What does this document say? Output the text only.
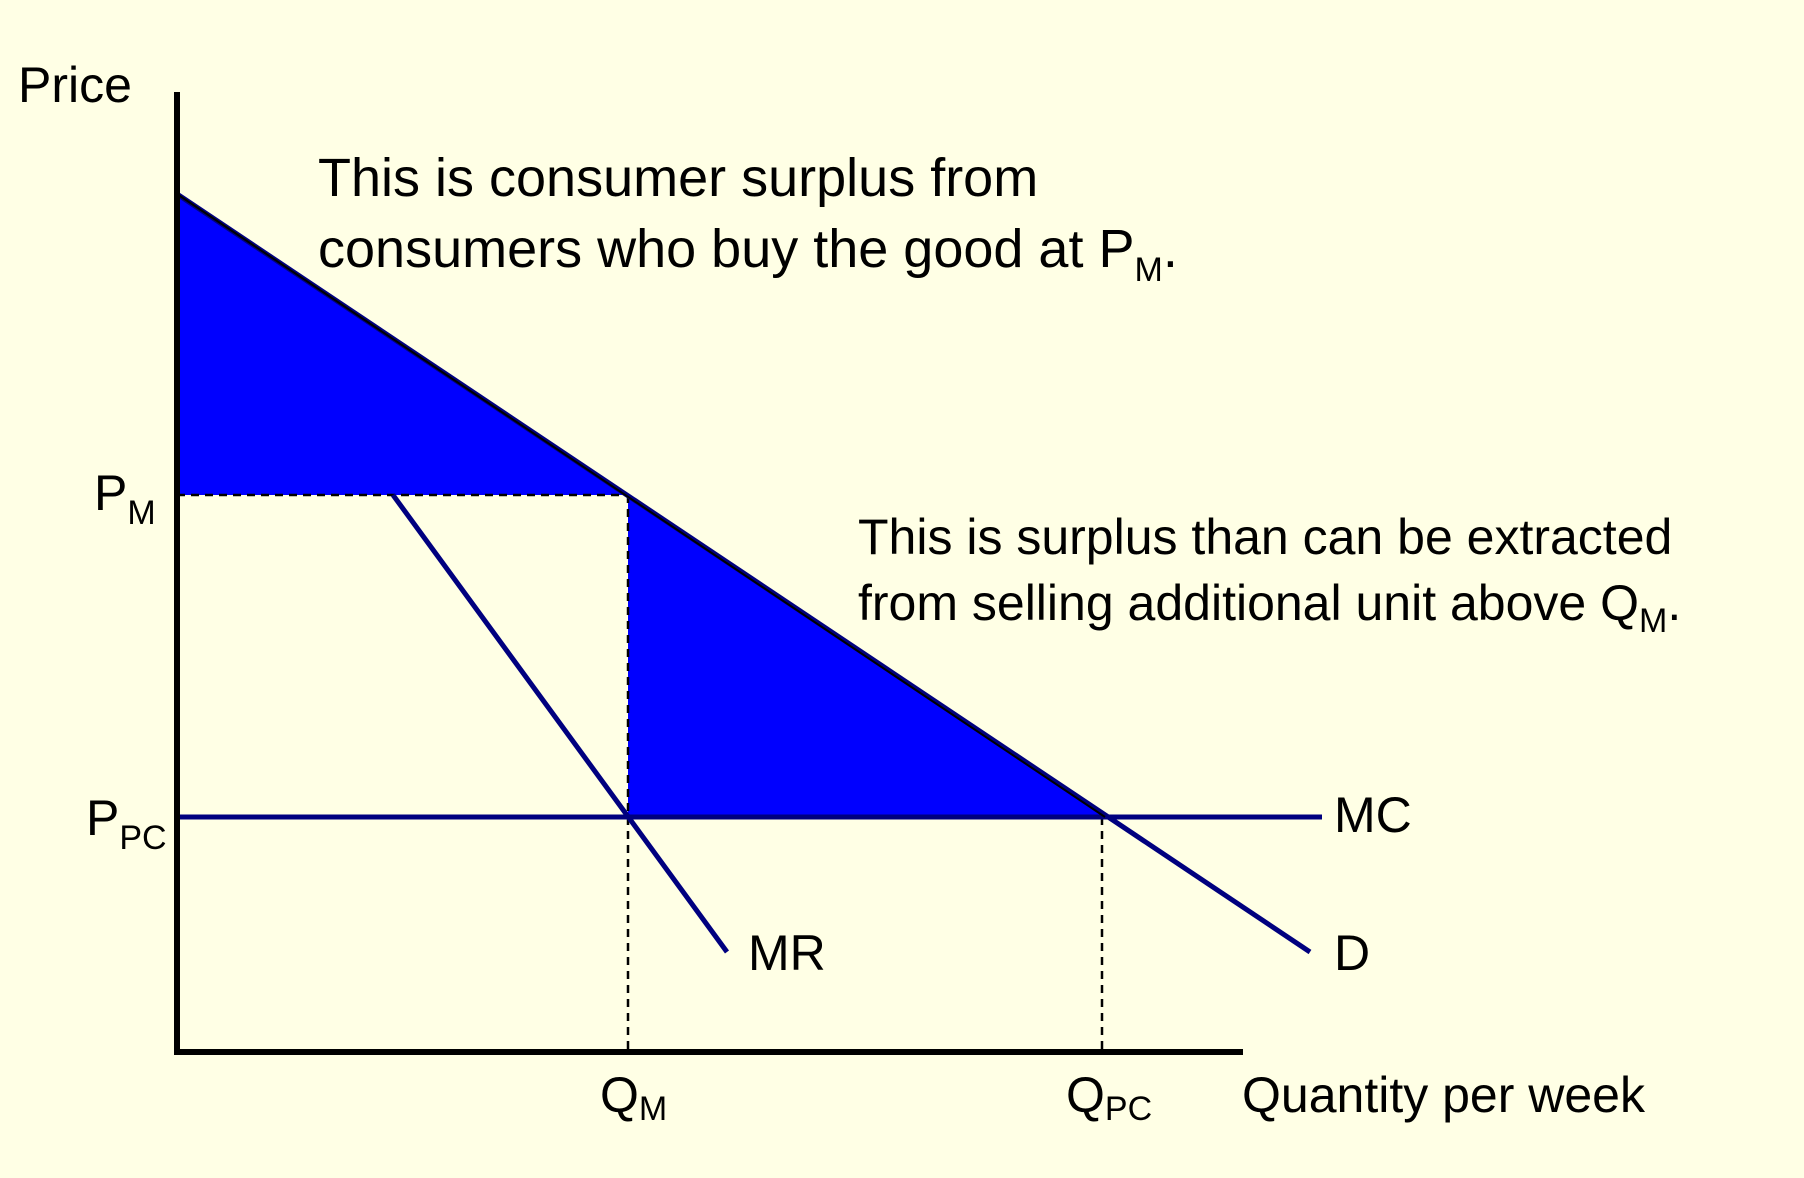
Price
Quantity per week
$P_M$
$P_{PC}$
QM	QPC
MC
MR	D
This is consumer surplus from
consumers who buy the good at $P_M$.
This is surplus than can be extracted
from selling additional unit above $Q_M$.
